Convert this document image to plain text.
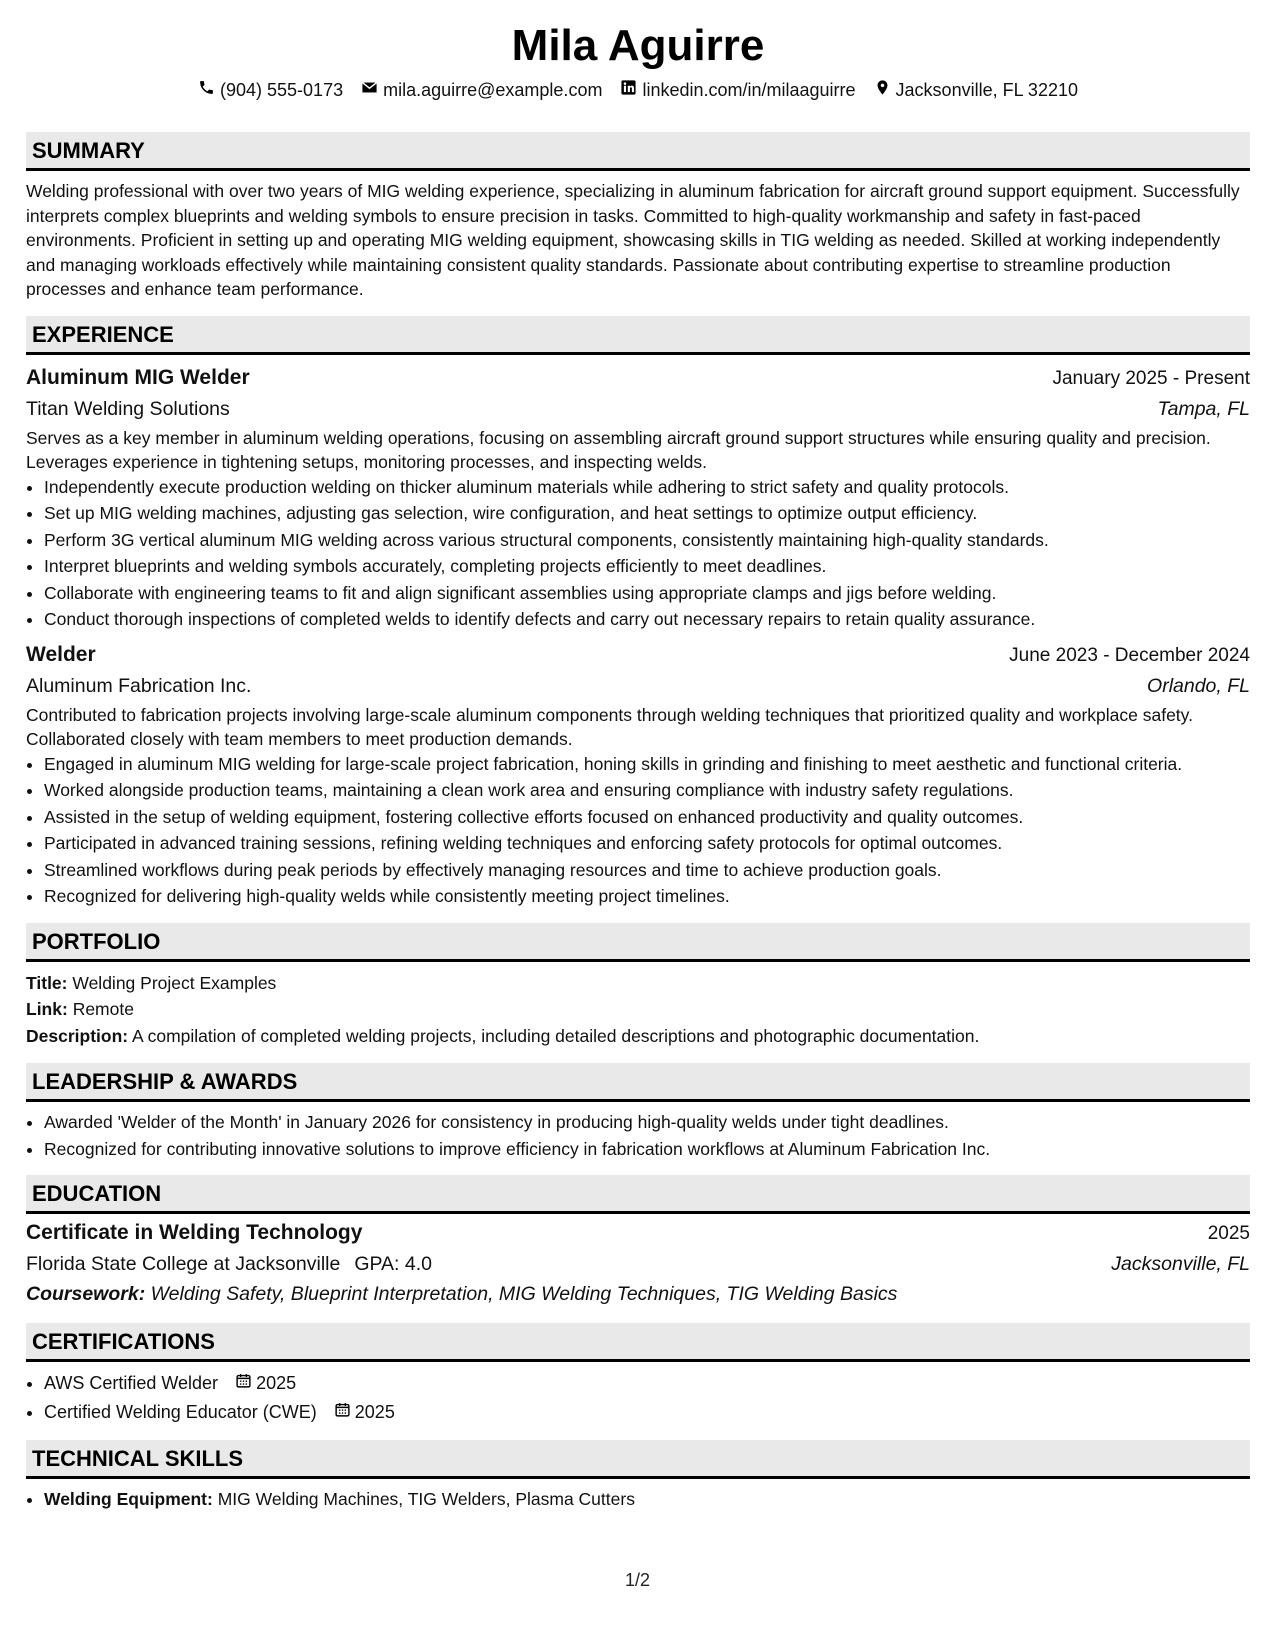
Mila Aguirre
(904) 555-0173 mila.aguirre@example.com linkedin.com/in/milaaguirre Jacksonville, FL 32210
SUMMARY
Welding professional with over two years of MIG welding experience, specializing in aluminum fabrication for aircraft ground support equipment. Successfully interprets complex blueprints and welding symbols to ensure precision in tasks. Committed to high-quality workmanship and safety in fast-paced environments. Proficient in setting up and operating MIG welding equipment, showcasing skills in TIG welding as needed. Skilled at working independently and managing workloads effectively while maintaining consistent quality standards. Passionate about contributing expertise to streamline production processes and enhance team performance.
EXPERIENCE
Aluminum MIG Welder	January 2025 - Present
Titan Welding Solutions	Tampa, FL
Serves as a key member in aluminum welding operations, focusing on assembling aircraft ground support structures while ensuring quality and precision. Leverages experience in tightening setups, monitoring processes, and inspecting welds.
• Independently execute production welding on thicker aluminum materials while adhering to strict safety and quality protocols.
• Set up MIG welding machines, adjusting gas selection, wire configuration, and heat settings to optimize output efficiency.
• Perform 3G vertical aluminum MIG welding across various structural components, consistently maintaining high-quality standards.
• Interpret blueprints and welding symbols accurately, completing projects efficiently to meet deadlines.
• Collaborate with engineering teams to fit and align significant assemblies using appropriate clamps and jigs before welding.
• Conduct thorough inspections of completed welds to identify defects and carry out necessary repairs to retain quality assurance.
Welder	June 2023 - December 2024
Aluminum Fabrication Inc.	Orlando, FL
Contributed to fabrication projects involving large-scale aluminum components through welding techniques that prioritized quality and workplace safety. Collaborated closely with team members to meet production demands.
• Engaged in aluminum MIG welding for large-scale project fabrication, honing skills in grinding and finishing to meet aesthetic and functional criteria.
• Worked alongside production teams, maintaining a clean work area and ensuring compliance with industry safety regulations.
• Assisted in the setup of welding equipment, fostering collective efforts focused on enhanced productivity and quality outcomes.
• Participated in advanced training sessions, refining welding techniques and enforcing safety protocols for optimal outcomes.
• Streamlined workflows during peak periods by effectively managing resources and time to achieve production goals.
• Recognized for delivering high-quality welds while consistently meeting project timelines.
PORTFOLIO
Title: Welding Project Examples
Link: Remote
Description: A compilation of completed welding projects, including detailed descriptions and photographic documentation.
LEADERSHIP & AWARDS
• Awarded 'Welder of the Month' in January 2026 for consistency in producing high-quality welds under tight deadlines.
• Recognized for contributing innovative solutions to improve efficiency in fabrication workflows at Aluminum Fabrication Inc.
EDUCATION
Certificate in Welding Technology	2025
Florida State College at Jacksonville GPA: 4.0	Jacksonville, FL
Coursework: Welding Safety, Blueprint Interpretation, MIG Welding Techniques, TIG Welding Basics
CERTIFICATIONS
• AWS Certified Welder 2025
• Certified Welding Educator (CWE) 2025
TECHNICAL SKILLS
• Welding Equipment: MIG Welding Machines, TIG Welders, Plasma Cutters
1/2
